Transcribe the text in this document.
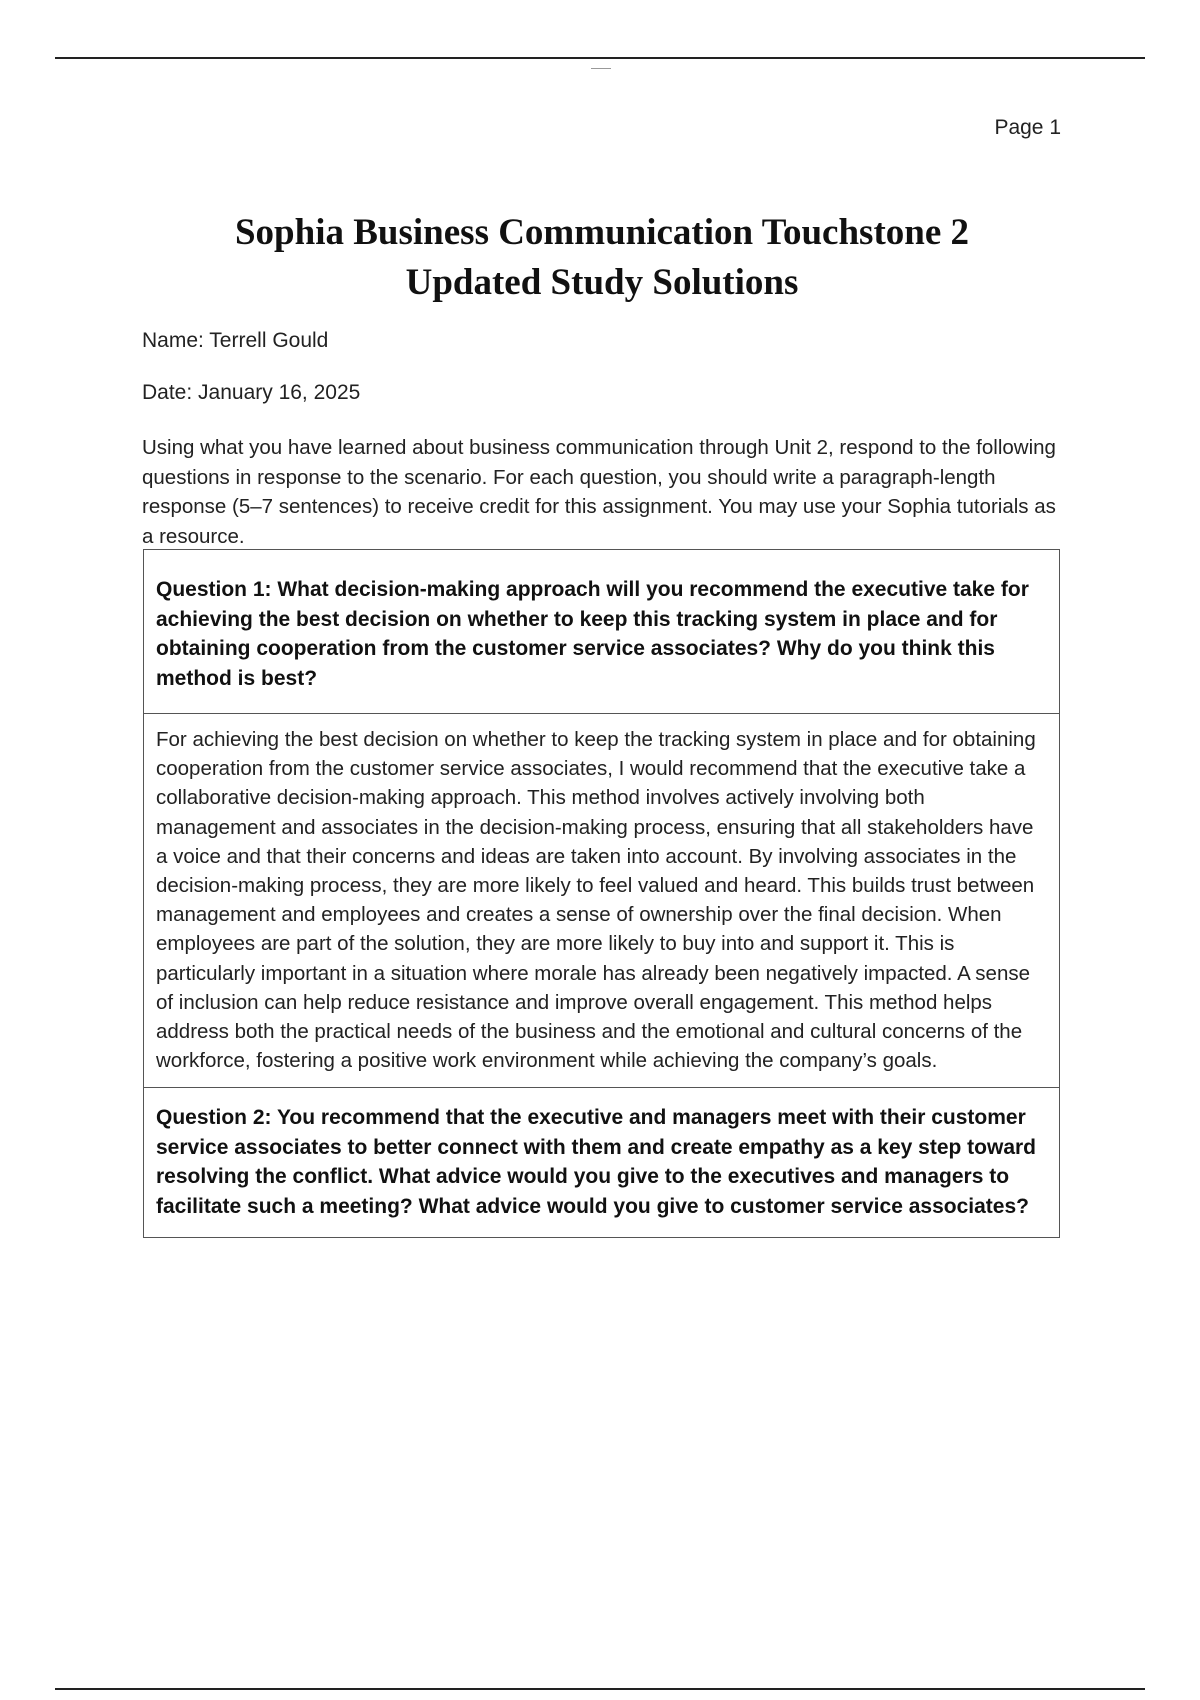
Page 1
Sophia Business Communication Touchstone 2
Updated Study Solutions
Name: Terrell Gould
Date: January 16, 2025
Using what you have learned about business communication through Unit 2, respond to the following questions in response to the scenario. For each question, you should write a paragraph-length response (5–7 sentences) to receive credit for this assignment. You may use your Sophia tutorials as a resource.
Question 1: What decision-making approach will you recommend the executive take for achieving the best decision on whether to keep this tracking system in place and for obtaining cooperation from the customer service associates? Why do you think this method is best?
For achieving the best decision on whether to keep the tracking system in place and for obtaining cooperation from the customer service associates, I would recommend that the executive take a collaborative decision-making approach. This method involves actively involving both management and associates in the decision-making process, ensuring that all stakeholders have a voice and that their concerns and ideas are taken into account. By involving associates in the decision-making process, they are more likely to feel valued and heard. This builds trust between management and employees and creates a sense of ownership over the final decision. When employees are part of the solution, they are more likely to buy into and support it. This is particularly important in a situation where morale has already been negatively impacted. A sense of inclusion can help reduce resistance and improve overall engagement. This method helps address both the practical needs of the business and the emotional and cultural concerns of the workforce, fostering a positive work environment while achieving the company’s goals.
Question 2: You recommend that the executive and managers meet with their customer service associates to better connect with them and create empathy as a key step toward resolving the conflict. What advice would you give to the executives and managers to facilitate such a meeting? What advice would you give to customer service associates?
